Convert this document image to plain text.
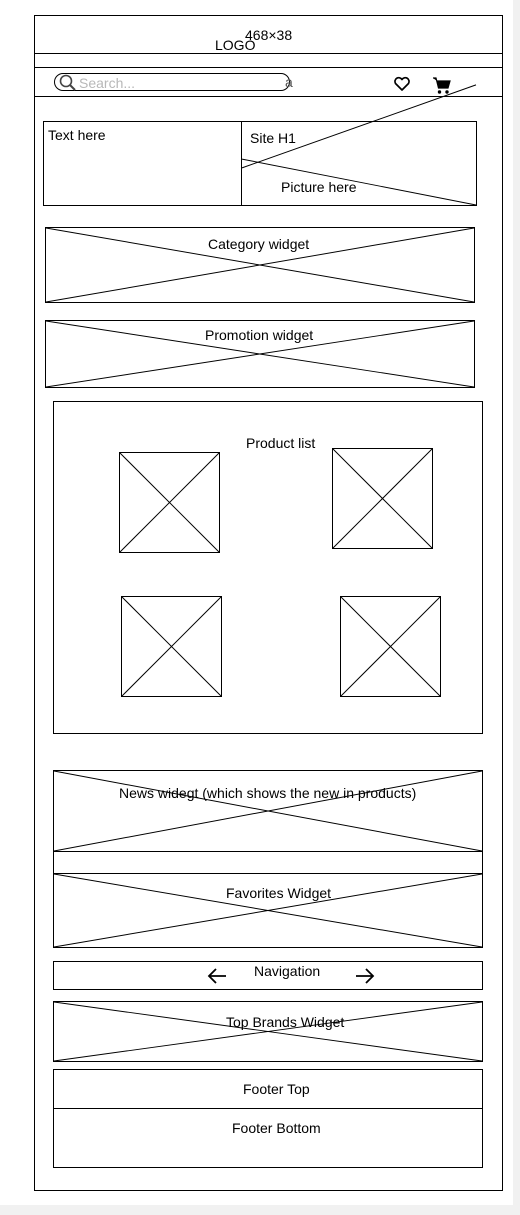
468×38
LOGO
Search...	a
Text here	Site H1
Picture here
Category widget
Promotion widget
Product list
News widegt (which shows the new in products)
Favorites Widget
Navigation
Top Brands Widget
Footer Top
Footer Bottom
